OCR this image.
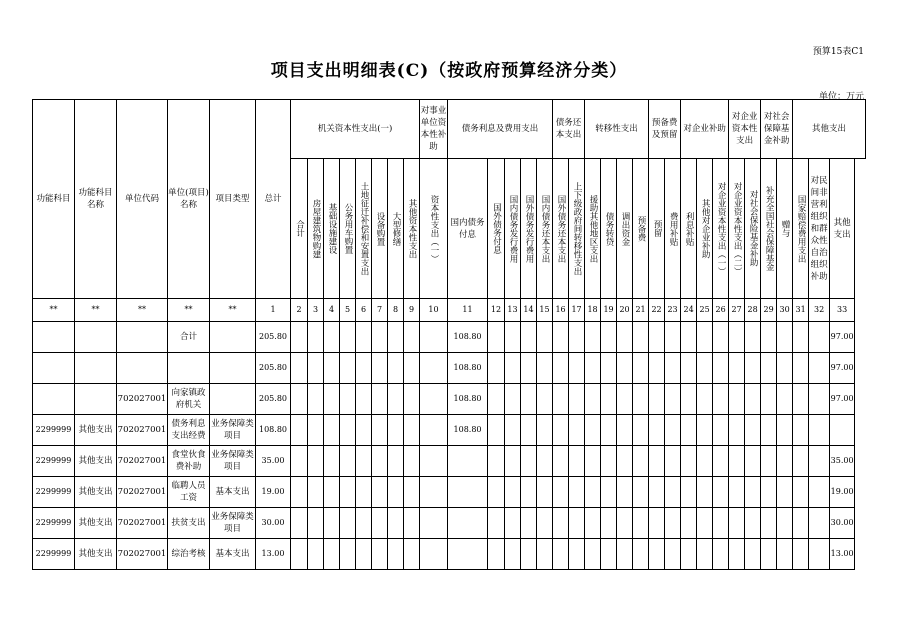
预算15表C1
项目支出明细表(C)（按政府预算经济分类）
单位：万元
功能科目	功能科目名称	单位代码	单位(项目)名称	项目类型	总计	机关资本性支出(一)								对事业单位资本性补助	债务利息及费用支出					债务还本支出		转移性支出				预备费及预留		对企业补助			对企业资本性支出		对社会保障基金补助		其他支出		

						合计	房屋建筑物购建	基础设施建设	公务用车购置	土地征迁补偿和安置支出	设备购置	大型修缮	其他资本性支出	资本性支出（一）	国内债务付息	国外债务付息	国内债务发行费用	国外债务发行费用	国内债务还本支出	国外债务还本支出	上下级政府间转移性支出	援助其他地区支出	债务转贷	调出资金	预备费	预留	费用补贴	利息补贴	其他对企业补助	对企业资本性支出（一）	对企业资本性支出（二）	对社会保险基金补助	补充全国社会保障基金	赠与	国家赔偿费用支出	对民间非营利组织和群众性自治组织补助	其他支出
**	**	**	**	**	1	2	3	4	5	6	7	8	9	10	11	12	13	14	15	16	17	18	19	20	21	22	23	24	25	26	27	28	29	30	31	32	33
			合计		205.80										108.80																						97.00
					205.80										108.80																						97.00
		702027001	向家镇政府机关		205.80										108.80																						97.00
2299999	其他支出	702027001	债务利息支出经费	业务保障类项目	108.80										108.80																						
2299999	其他支出	702027001	食堂伙食费补助	业务保障类项目	35.00																																35.00
2299999	其他支出	702027001	临聘人员工资	基本支出	19.00																																19.00
2299999	其他支出	702027001	扶贫支出	业务保障类项目	30.00																																30.00
2299999	其他支出	702027001	综治考核	基本支出	13.00																																13.00
